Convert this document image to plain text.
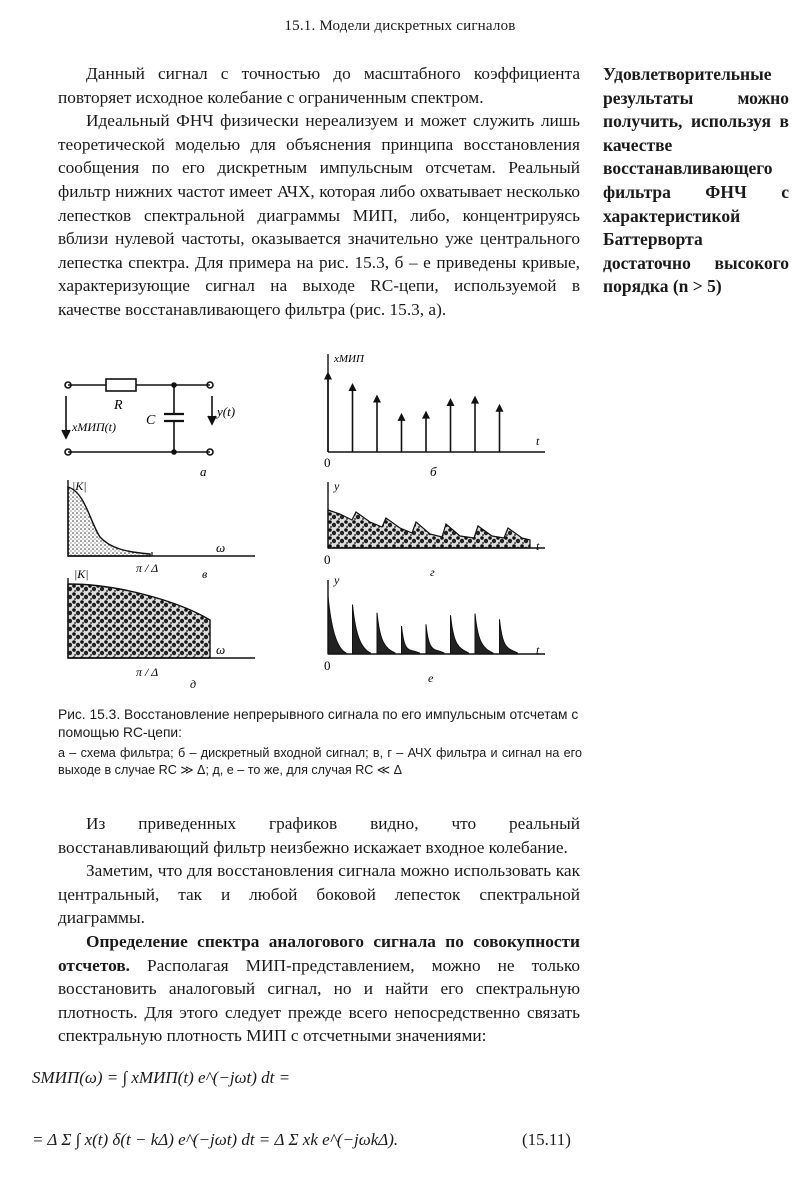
15.1. Модели дискретных сигналов

Данный сигнал с точностью до масштабного коэффициента повторяет исходное колебание с ограниченным спектром.

Идеальный ФНЧ физически нереализуем и может служить лишь теоретической моделью для объяснения принципа восстановления сообщения по его дискретным импульсным отсчетам. Реальный фильтр нижних частот имеет АЧХ, которая либо охватывает несколько лепестков спектральной диаграммы МИП, либо, концентрируясь вблизи нулевой частоты, оказывается значительно уже центрального лепестка спектра. Для примера на рис. 15.3, б – е приведены кривые, характеризующие сигнал на выходе RC-цепи, используемой в качестве восстанавливающего фильтра (рис. 15.3, а).

Удовлетворительные результаты можно получить, используя в качестве восстанавливающего фильтра ФНЧ с характеристикой Баттерворта достаточно высокого порядка (n > 5)
R
C
xМИП(t)
y(t)
а
xМИП
t
0
б
|K|
ω
π / Δ	в
y
t
0
г
|K|
ω
π / Δ
д
y
t
0
е
Рис. 15.3. Восстановление непрерывного сигнала по его импульсным отсчетам с помощью RC-цепи:
а – схема фильтра; б – дискретный входной сигнал; в, г – АЧХ фильтра и сигнал на его выходе в случае RC ≫ Δ; д, е – то же, для случая RC ≪ Δ

Из приведенных графиков видно, что реальный восстанавливающий фильтр неизбежно искажает входное колебание.

Заметим, что для восстановления сигнала можно использовать как центральный, так и любой боковой лепесток спектральной диаграммы.

Определение спектра аналогового сигнала по совокупности отсчетов. Располагая МИП-представлением, можно не только восстановить аналоговый сигнал, но и найти его спектральную плотность. Для этого следует прежде всего непосредственно связать спектральную плотность МИП с отсчетными значениями:

SМИП(ω) = ∫ xМИП(t) e^(−jωt) dt =
= Δ Σ ∫ x(t) δ(t − kΔ) e^(−jωt) dt = Δ Σ xk e^(−jωkΔ).	(15.11)
